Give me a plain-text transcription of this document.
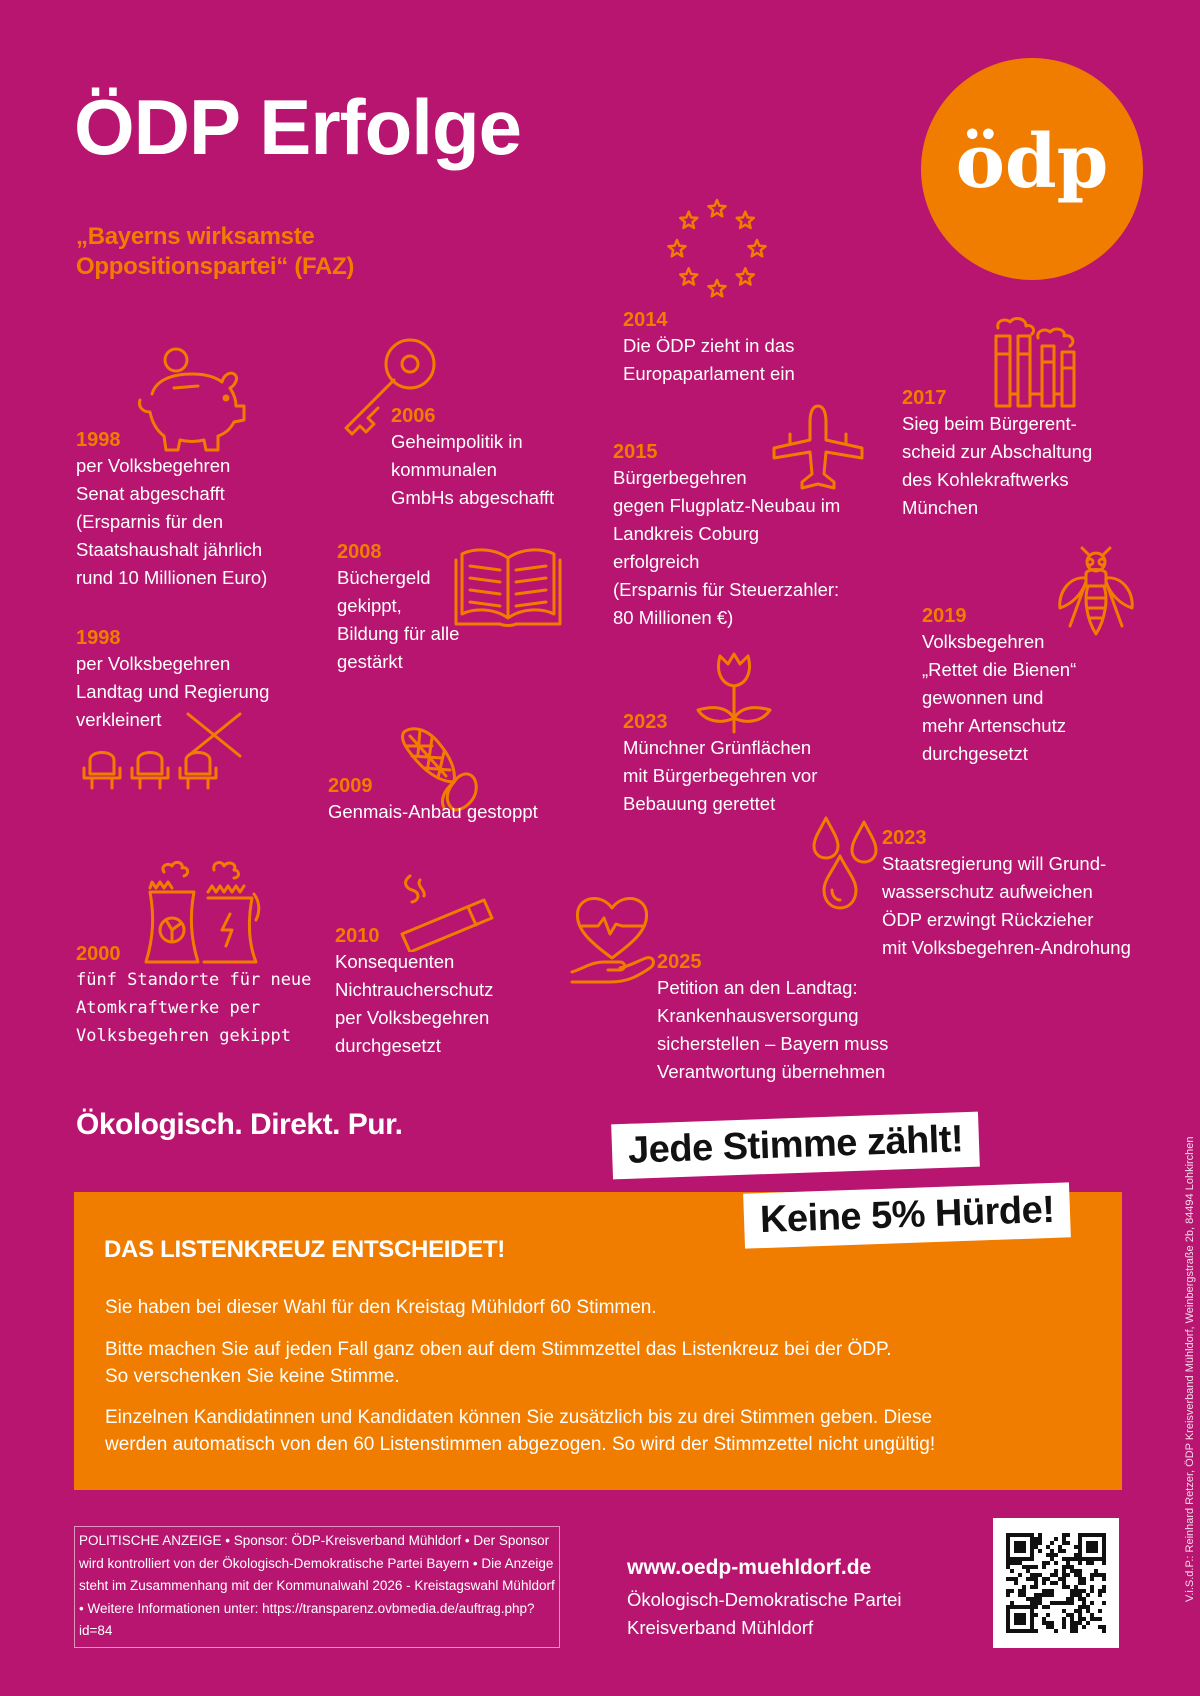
ÖDP Erfolge
„Bayerns wirksamste
Oppositionspartei“ (FAZ)
ödp
1998
per Volksbegehren
Senat abgeschafft
(Ersparnis für den
Staatshaushalt jährlich
rund 10 Millionen Euro)
1998
per Volksbegehren
Landtag und Regierung
verkleinert
2000
fünf Standorte für neue
Atomkraftwerke per
Volksbegehren gekippt
2006
Geheimpolitik in
kommunalen
GmbHs abgeschafft
2008
Büchergeld
gekippt,
Bildung für alle
gestärkt
2009
Genmais-Anbau gestoppt
2010
Konsequenten
Nichtraucherschutz
per Volksbegehren
durchgesetzt
2014
Die ÖDP zieht in das
Europaparlament ein
2015
Bürgerbegehren
gegen Flugplatz-Neubau im
Landkreis Coburg
erfolgreich
(Ersparnis für Steuerzahler:
80 Millionen €)
2023
Münchner Grünflächen
mit Bürgerbegehren vor
Bebauung gerettet
2025
Petition an den Landtag:
Krankenhausversorgung
sicherstellen – Bayern muss
Verantwortung übernehmen
2017
Sieg beim Bürgerent-
scheid zur Abschaltung
des Kohlekraftwerks
München
2019
Volksbegehren
„Rettet die Bienen“
gewonnen und
mehr Artenschutz
durchgesetzt
2023
Staatsregierung will Grund-
wasserschutz aufweichen
ÖDP erzwingt Rückzieher
mit Volksbegehren-Androhung
Ökologisch. Direkt. Pur.
DAS LISTENKREUZ ENTSCHEIDET!
Sie haben bei dieser Wahl für den Kreistag Mühldorf 60 Stimmen.
Bitte machen Sie auf jeden Fall ganz oben auf dem Stimmzettel das Listenkreuz bei der ÖDP.
So verschenken Sie keine Stimme.
Einzelnen Kandidatinnen und Kandidaten können Sie zusätzlich bis zu drei Stimmen geben. Diese
werden automatisch von den 60 Listenstimmen abgezogen. So wird der Stimmzettel nicht ungültig!
Jede Stimme zählt!
Keine 5% Hürde!
POLITISCHE ANZEIGE • Sponsor: ÖDP-Kreisverband Mühldorf • Der Sponsor wird kontrolliert von der Ökologisch-Demokratische Partei Bayern • Die Anzeige steht im Zusammenhang mit der Kommunalwahl 2026 - Kreistagswahl Mühldorf • Weitere Informationen unter: https://transparenz.ovbmedia.de/auftrag.php?id=84
www.oedp-muehldorf.de
Ökologisch-Demokratische Partei
Kreisverband Mühldorf
V.i.S.d.P.: Reinhard Retzer, ÖDP Kreisverband Mühldorf, Weinbergstraße 2b, 84494 Lohkirchen
